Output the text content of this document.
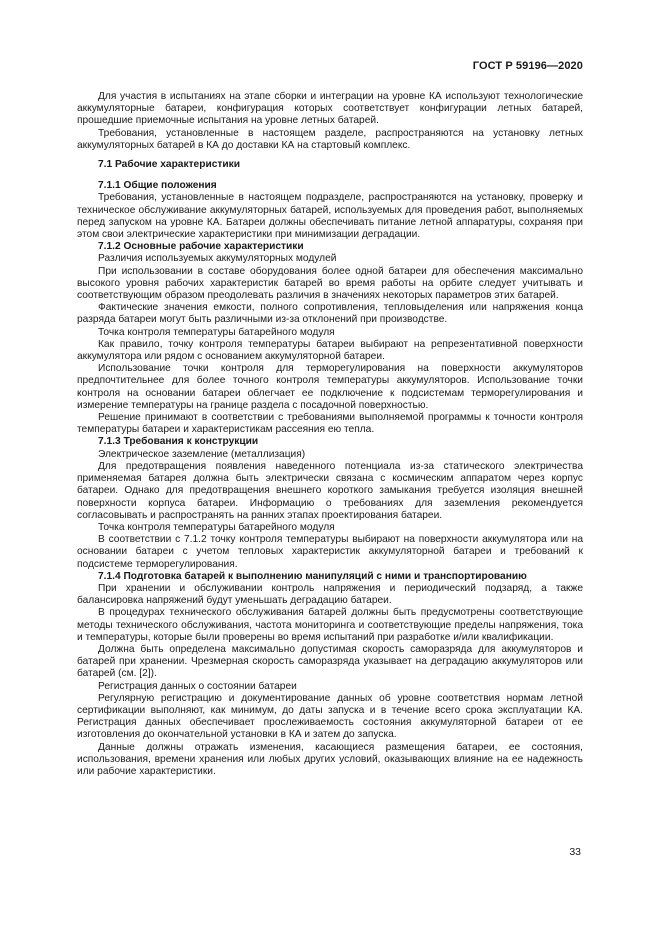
ГОСТ Р 59196—2020

Для участия в испытаниях на этапе сборки и интеграции на уровне КА используют технологические аккумуляторные батареи, конфигурация которых соответствует конфигурации летных батарей, прошедшие приемочные испытания на уровне летных батарей.

Требования, установленные в настоящем разделе, распространяются на установку летных аккумуляторных батарей в КА до доставки КА на стартовый комплекс.

7.1 Рабочие характеристики

7.1.1 Общие положения

Требования, установленные в настоящем подразделе, распространяются на установку, проверку и техническое обслуживание аккумуляторных батарей, используемых для проведения работ, выполняемых перед запуском на уровне КА. Батареи должны обеспечивать питание летной аппаратуры, сохраняя при этом свои электрические характеристики при минимизации деградации.

7.1.2 Основные рабочие характеристики

Различия используемых аккумуляторных модулей

При использовании в составе оборудования более одной батареи для обеспечения максимально высокого уровня рабочих характеристик батарей во время работы на орбите следует учитывать и соответствующим образом преодолевать различия в значениях некоторых параметров этих батарей.

Фактические значения емкости, полного сопротивления, тепловыделения или напряжения конца разряда батареи могут быть различными из-за отклонений при производстве.

Точка контроля температуры батарейного модуля

Как правило, точку контроля температуры батареи выбирают на репрезентативной поверхности аккумулятора или рядом с основанием аккумуляторной батареи.

Использование точки контроля для терморегулирования на поверхности аккумуляторов предпочтительнее для более точного контроля температуры аккумуляторов. Использование точки контроля на основании батареи облегчает ее подключение к подсистемам терморегулирования и измерение температуры на границе раздела с посадочной поверхностью.

Решение принимают в соответствии с требованиями выполняемой программы к точности контроля температуры батареи и характеристикам рассеяния ею тепла.

7.1.3 Требования к конструкции

Электрическое заземление (металлизация)

Для предотвращения появления наведенного потенциала из-за статического электричества применяемая батарея должна быть электрически связана с космическим аппаратом через корпус батареи. Однако для предотвращения внешнего короткого замыкания требуется изоляция внешней поверхности корпуса батареи. Информацию о требованиях для заземления рекомендуется согласовывать и распространять на ранних этапах проектирования батареи.

Точка контроля температуры батарейного модуля

В соответствии с 7.1.2 точку контроля температуры выбирают на поверхности аккумулятора или на основании батареи с учетом тепловых характеристик аккумуляторной батареи и требований к подсистеме терморегулирования.

7.1.4 Подготовка батарей к выполнению манипуляций с ними и транспортированию

При хранении и обслуживании контроль напряжения и периодический подзаряд, а также балансировка напряжений будут уменьшать деградацию батареи.

В процедурах технического обслуживания батарей должны быть предусмотрены соответствующие методы технического обслуживания, частота мониторинга и соответствующие пределы напряжения, тока и температуры, которые были проверены во время испытаний при разработке и/или квалификации.

Должна быть определена максимально допустимая скорость саморазряда для аккумуляторов и батарей при хранении. Чрезмерная скорость саморазряда указывает на деградацию аккумуляторов или батарей (см. [2]).

Регистрация данных о состоянии батареи

Регулярную регистрацию и документирование данных об уровне соответствия нормам летной сертификации выполняют, как минимум, до даты запуска и в течение всего срока эксплуатации КА. Регистрация данных обеспечивает прослеживаемость состояния аккумуляторной батареи от ее изготовления до окончательной установки в КА и затем до запуска.

Данные должны отражать изменения, касающиеся размещения батареи, ее состояния, использования, времени хранения или любых других условий, оказывающих влияние на ее надежность или рабочие характеристики.

33
